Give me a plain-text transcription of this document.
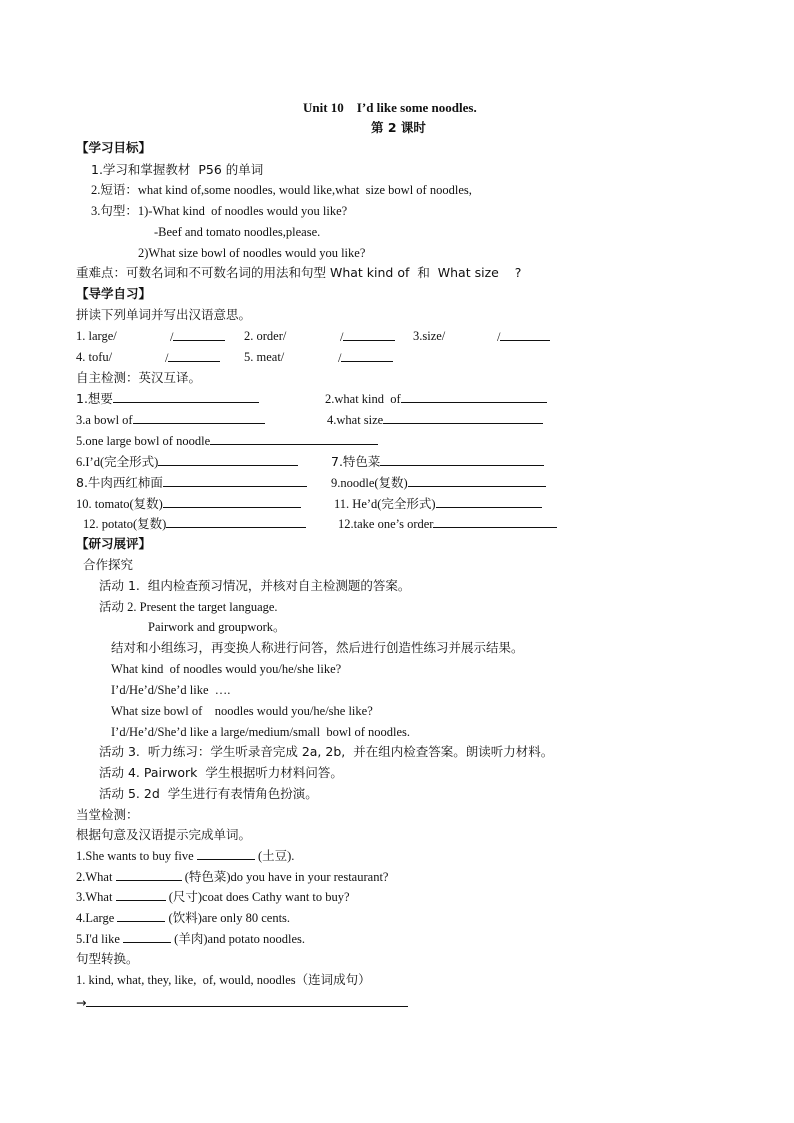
Unit 10    I’d like some noodles.
第 2 课时
【学习目标】
1.学习和掌握教材  P56 的单词
2.短语：what kind of,some noodles, would like,what  size bowl of noodles,
3.句型：1)-What kind  of noodles would you like?
-Beef and tomato noodles,please.
2)What size bowl of noodles would you like?
重难点：可数名词和不可数名词的用法和句型 What kind of  和  What size    ?
【导学自习】
拼读下列单词并写出汉语意思。
1. large/	/	2. order/	/	3.size/	/
4. tofu/	/	5. meat/	/
自主检测：英汉互译。
1.想要	2.what kind  of
3.a bowl of	4.what size
5.one large bowl of noodle
6.I’d(完全形式)	7.特色菜
8.牛肉西红柿面	9.noodle(复数)
10. tomato(复数)	11. He’d(完全形式)
12. potato(复数)	12.take one’s order
【研习展评】
合作探究
活动 1.  组内检查预习情况，并核对自主检测题的答案。
活动 2. Present the target language.
Pairwork and groupwork。
结对和小组练习，再变换人称进行问答，然后进行创造性练习并展示结果。
What kind  of noodles would you/he/she like?
I’d/He’d/She’d like  ….
What size bowl of    noodles would you/he/she like?
I’d/He’d/She’d like a large/medium/small  bowl of noodles.
活动 3.  听力练习：学生听录音完成 2a, 2b,  并在组内检查答案。朗读听力材料。
活动 4. Pairwork  学生根据听力材料问答。
活动 5. 2d  学生进行有表情角色扮演。
当堂检测：
根据句意及汉语提示完成单词。
1.She wants to buy five	(土豆).
2.What	(特色菜)do you have in your restaurant?
3.What	(尺寸)coat does Cathy want to buy?
4.Large	(饮料)are only 80 cents.
5.I'd like	(羊肉)and potato noodles.
句型转换。
1. kind, what, they, like,  of, would, noodles（连词成句）
→
